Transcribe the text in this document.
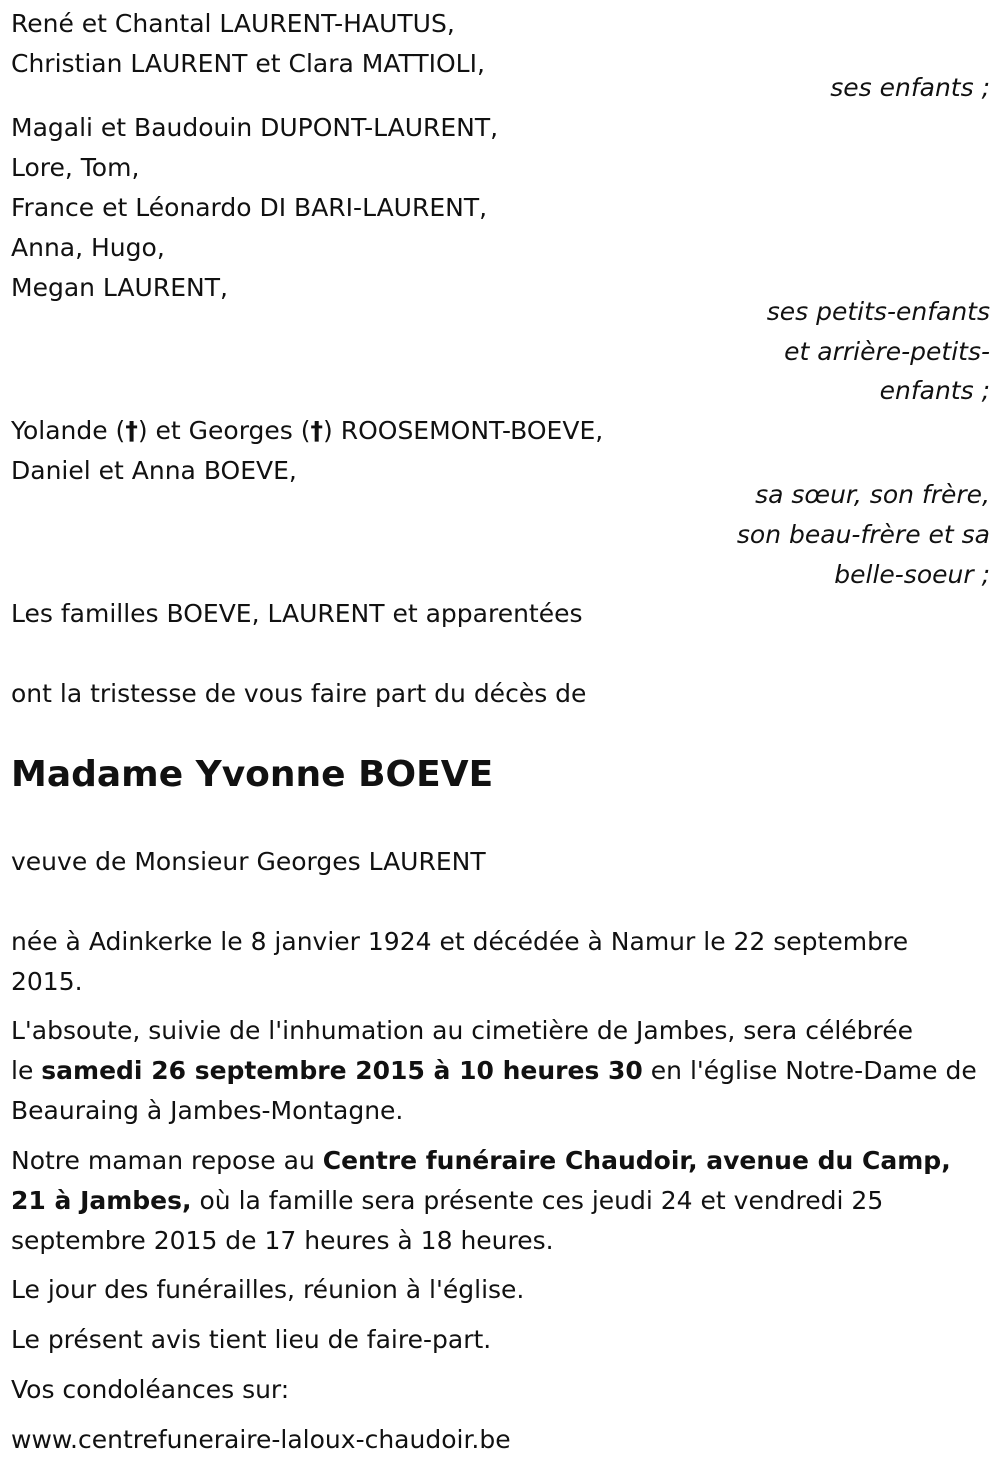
René et Chantal LAURENT-HAUTUS,
Christian LAURENT et Clara MATTIOLI,
ses enfants ;
Magali et Baudouin DUPONT-LAURENT,
Lore, Tom,
France et Léonardo DI BARI-LAURENT,
Anna, Hugo,
Megan LAURENT,
ses petits-enfants
et arrière-petits-
enfants ;
Yolande (†) et Georges (†) ROOSEMONT-BOEVE,
Daniel et Anna BOEVE,
sa sœur, son frère,
son beau-frère et sa
belle-soeur ;
Les familles BOEVE, LAURENT et apparentées
ont la tristesse de vous faire part du décès de
Madame Yvonne BOEVE
veuve de Monsieur Georges LAURENT
née à Adinkerke le 8 janvier 1924 et décédée à Namur le 22 septembre
2015.
L'absoute, suivie de l'inhumation au cimetière de Jambes, sera célébrée
le samedi 26 septembre 2015 à 10 heures 30 en l'église Notre-Dame de
Beauraing à Jambes-Montagne.
Notre maman repose au Centre funéraire Chaudoir, avenue du Camp,
21 à Jambes, où la famille sera présente ces jeudi 24 et vendredi 25
septembre 2015 de 17 heures à 18 heures.
Le jour des funérailles, réunion à l'église.
Le présent avis tient lieu de faire-part.
Vos condoléances sur:
www.centrefuneraire-laloux-chaudoir.be
